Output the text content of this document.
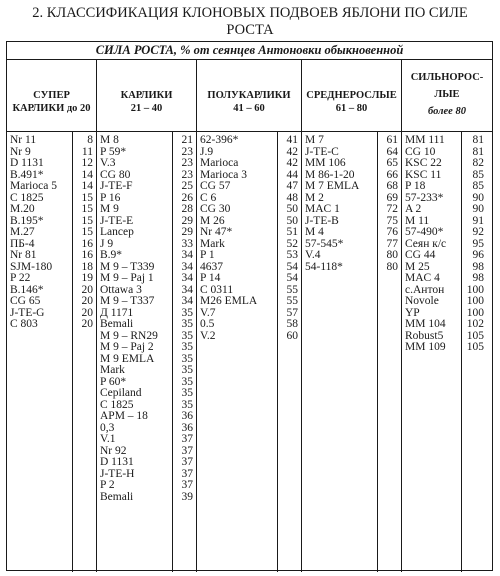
2. КЛАССИФИКАЦИЯ КЛОНОВЫХ ПОДВОЕВ ЯБЛОНИ ПО СИЛЕ
РОСТА
СИЛА РОСТА, % от сеянцев Антоновки обыкновенной
СУПЕР
КАРЛИКИ до 20
Nr 11
Nr 9
D 1131
B.491*
Marioca 5
C 1825
M.20
B.195*
M.27
ПБ-4
Nr 81
SJM-180
P 22
B.146*
CG 65
J-TE-G
C 803
8
11
12
14
14
15
15
15
15
16
16
18
19
20
20
20
20
КАРЛИКИ
21 – 40
M 8
P 59*
V.3
CG 80
J-TE-F
P 16
M 9
J-TE-E
Lancep
J 9
B.9*
M 9 – T339
M 9 – Paj 1
Ottawa 3
M 9 – T337
Д 1171
Bemali
M 9 – RN29
M 9 – Paj 2
M 9 EMLA
Mark
P 60*
Cepiland
C 1825
APM – 18
0,3
V.1
Nr 92
D 1131
J-TE-H
P 2
Bemali
21
23
23
23
25
26
28
29
29
33
34
34
34
34
34
35
35
35
35
35
35
35
35
35
36
36
37
37
37
37
37
39
ПОЛУКАРЛИКИ
41 – 60
62-396*
J.9
Marioca
Marioca 3
CG 57
C 6
CG 30
M 26
Nr 47*
Mark
P 1
4637
P 14
C 0311
M26 EMLA
V.7
0.5
V.2
41
42
42
44
47
48
50
50
51
52
53
54
54
55
55
57
58
60
СРЕДНЕРОСЛЫЕ
61 – 80
M 7
J-TE-C
MM 106
M 86-1-20
M 7 EMLA
M 2
MAC 1
J-TE-B
M 4
57-545*
V.4
54-118*
61
64
65
66
68
69
72
75
76
77
80
80
СИЛЬНОРОС-
ЛЫЕ
более 80
MM 111
CG 10
KSC 22
KSC 11
P 18
57-233*
A 2
M 11
57-490*
Сеян к/с
CG 44
M 25
MAC 4
с.Антон
Novole
YP
MM 104
Robust5
MM 109
81
81
82
85
85
90
90
91
92
95
96
98
98
100
100
100
102
105
105
